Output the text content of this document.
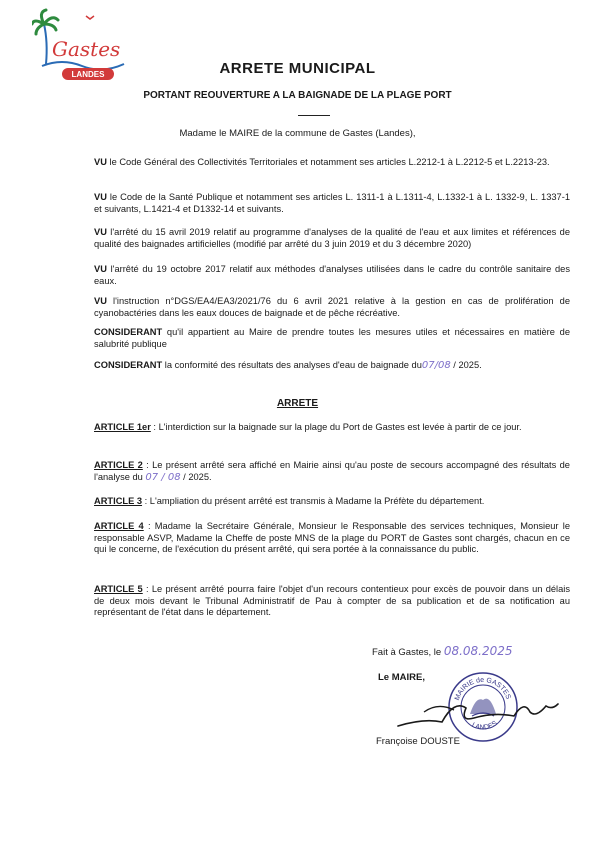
Gastes
LANDES	ARRETE MUNICIPAL
PORTANT REOUVERTURE A LA BAIGNADE DE LA PLAGE PORT
Madame le MAIRE de la commune de Gastes (Landes),
VU le Code Général des Collectivités Territoriales et notamment ses articles L.2212-1 à L.2212-5 et L.2213-23.
VU le Code de la Santé Publique et notamment ses articles L. 1311-1 à L.1311-4, L.1332-1 à L. 1332-9, L. 1337-1 et suivants, L.1421-4 et D1332-14 et suivants.
VU l'arrêté du 15 avril 2019 relatif au programme d'analyses de la qualité de l'eau et aux limites et références de qualité des baignades artificielles (modifié par arrêté du 3 juin 2019 et du 3 décembre 2020)
VU l'arrêté du 19 octobre 2017 relatif aux méthodes d'analyses utilisées dans le cadre du contrôle sanitaire des eaux.
VU l'instruction n°DGS/EA4/EA3/2021/76 du 6 avril 2021 relative à la gestion en cas de prolifération de cyanobactéries dans les eaux douces de baignade et de pêche récréative.
CONSIDERANT qu'il appartient au Maire de prendre toutes les mesures utiles et nécessaires en matière de salubrité publique
CONSIDERANT la conformité des résultats des analyses d'eau de baignade du07/08 / 2025.
ARRETE
ARTICLE 1er : L'interdiction sur la baignade sur la plage du Port de Gastes est levée à partir de ce jour.
ARTICLE 2 : Le présent arrêté sera affiché en Mairie ainsi qu'au poste de secours accompagné des résultats de l'analyse du 07 / 08 / 2025.
ARTICLE 3 : L'ampliation du présent arrêté est transmis à Madame la Préfète du département.
ARTICLE 4 : Madame la Secrétaire Générale, Monsieur le Responsable des services techniques, Monsieur le responsable ASVP, Madame la Cheffe de poste MNS de la plage du PORT de Gastes sont chargés, chacun en ce qui le concerne, de l'exécution du présent arrêté, qui sera portée à la connaissance du public.
ARTICLE 5 : Le présent arrêté pourra faire l'objet d'un recours contentieux pour excès de pouvoir dans un délais de deux mois devant le Tribunal Administratif de Pau à compter de sa publication et de sa notification au représentant de l'état dans le département.
Fait à Gastes, le 08.08.2025
Le MAIRE,
MAIRIE de GASTES
LANDES
Françoise DOUSTE
